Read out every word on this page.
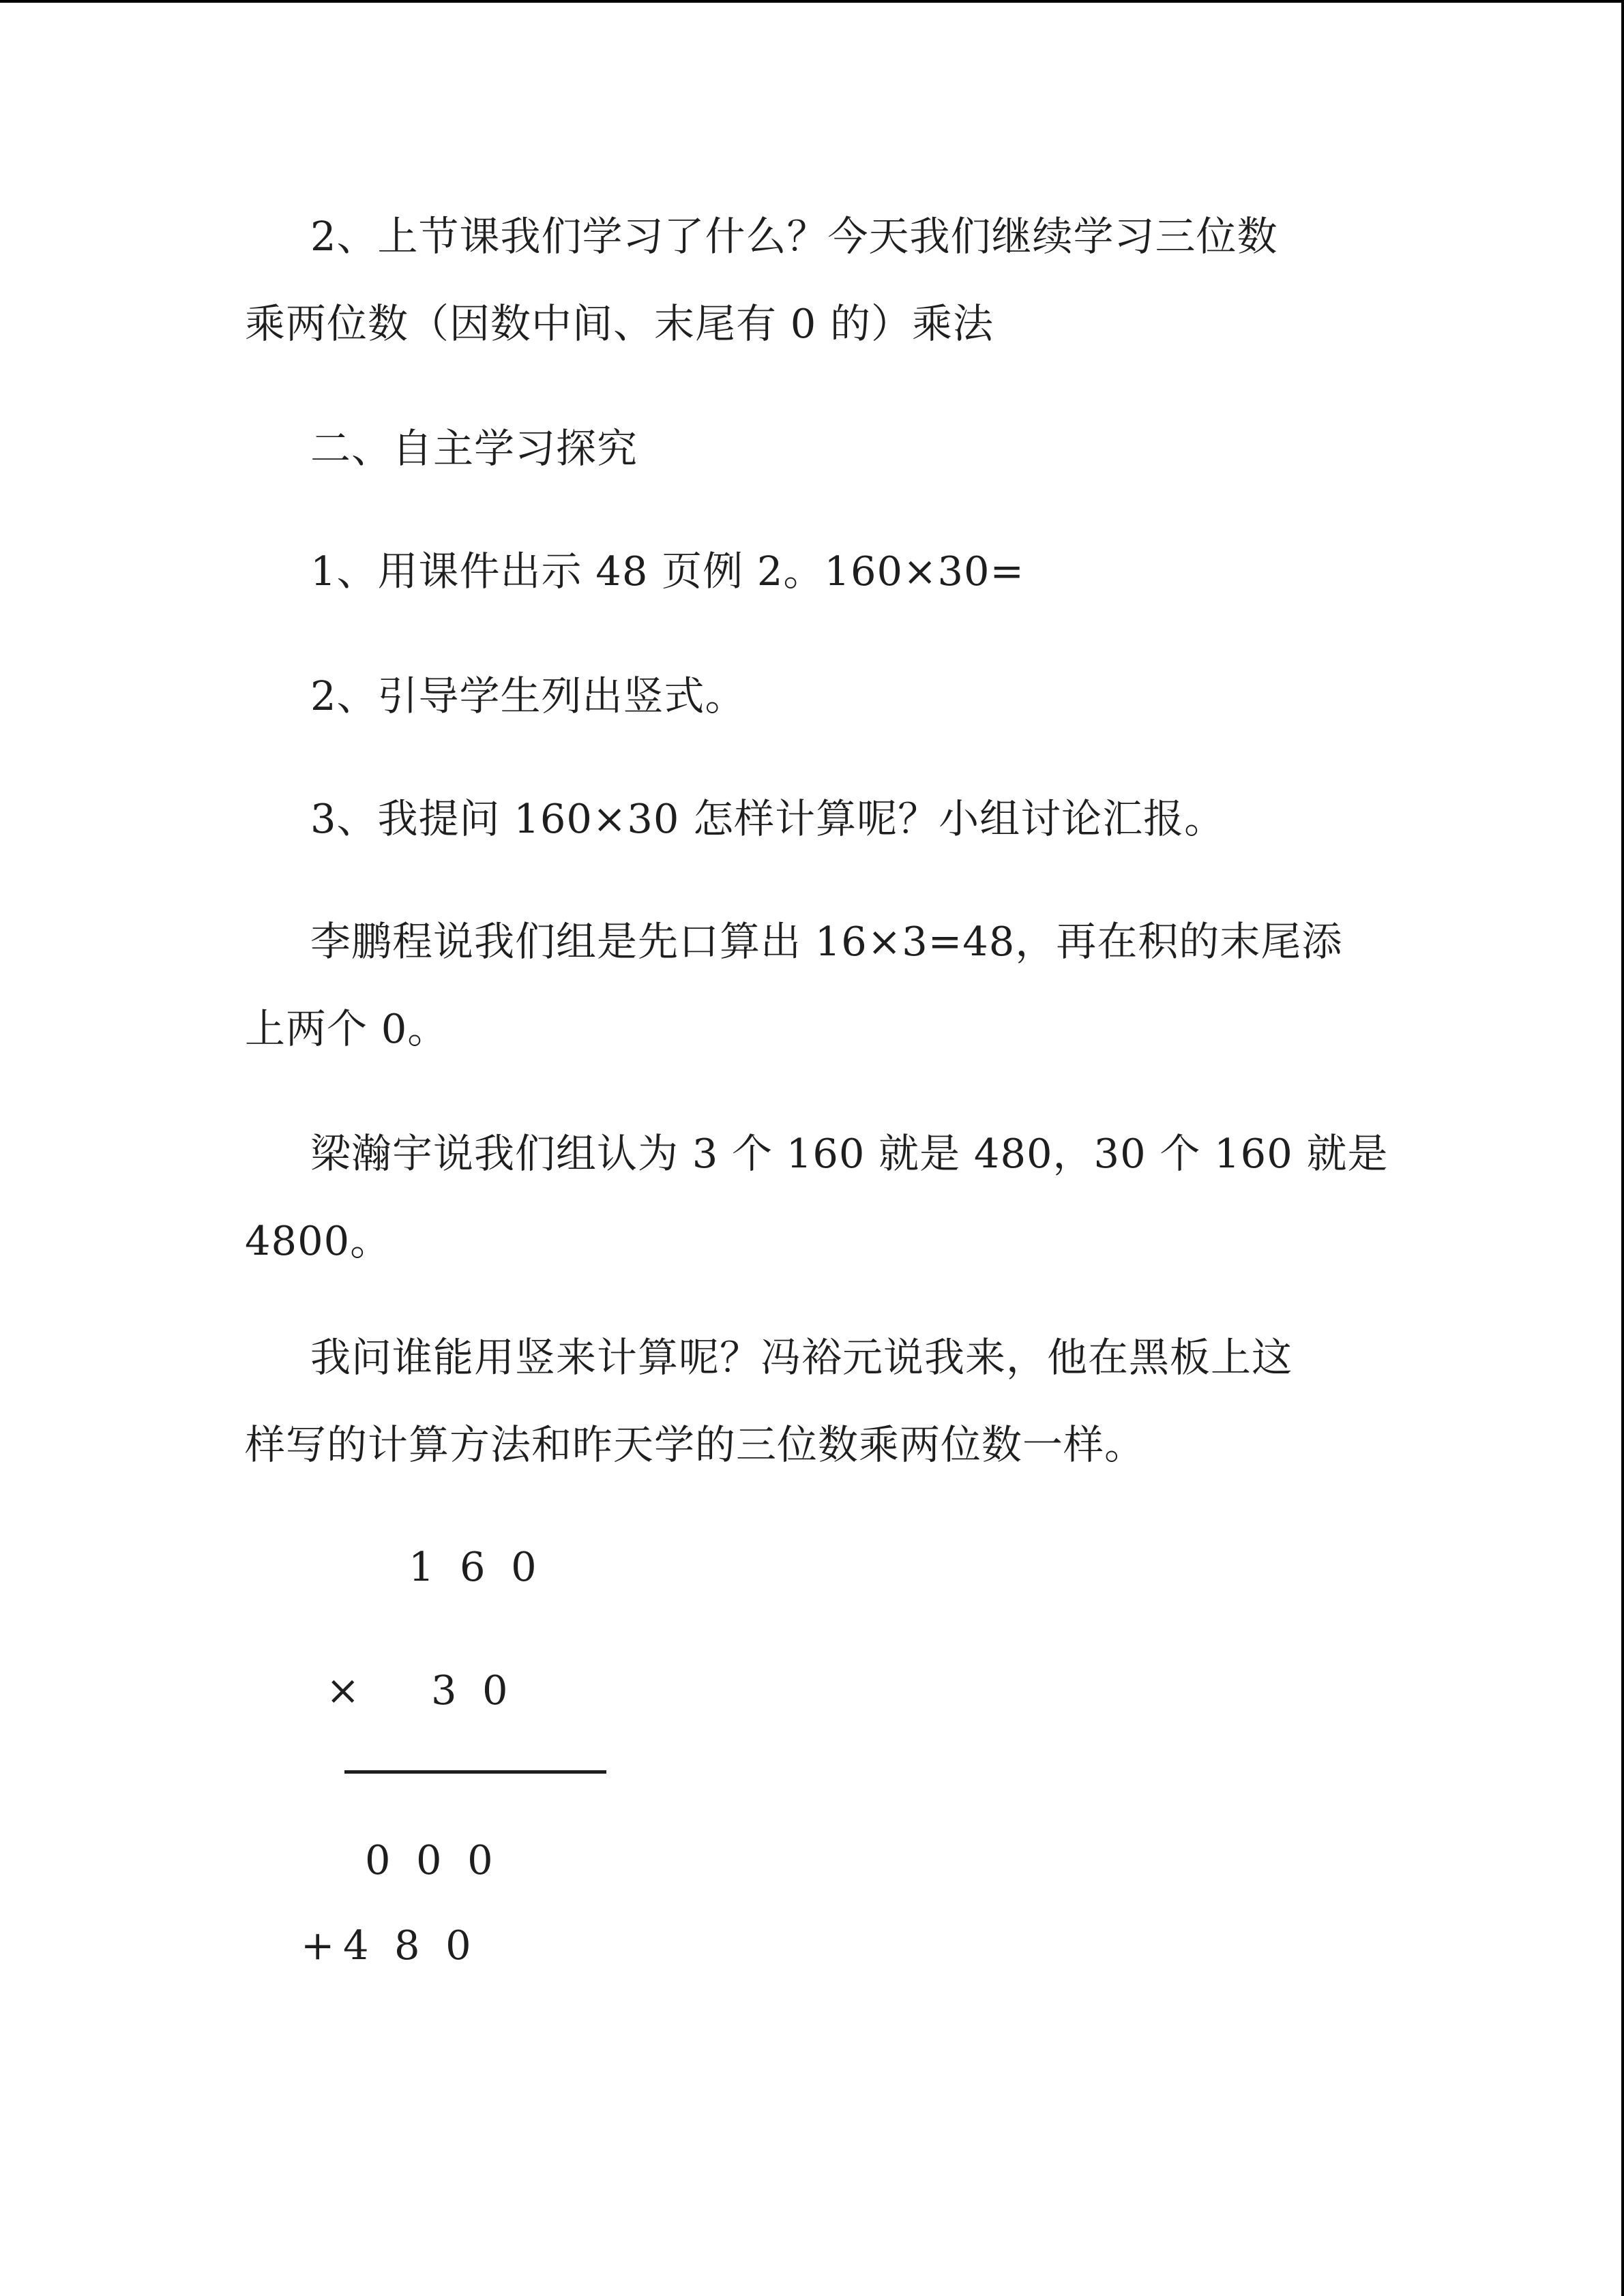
2、上节课我们学习了什么？今天我们继续学习三位数
乘两位数（因数中间、末尾有 0 的）乘法
二、自主学习探究
1、用课件出示 48 页例 2。160×30=
2、引导学生列出竖式。
3、我提问 160×30 怎样计算呢？小组讨论汇报。
李鹏程说我们组是先口算出 16×3=48，再在积的末尾添
上两个 0。
梁瀚宇说我们组认为 3 个 160 就是 480，30 个 160 就是
4800。
我问谁能用竖来计算呢？冯裕元说我来，他在黑板上这
样写的计算方法和昨天学的三位数乘两位数一样。
1  6  0
× 3  0
0  0  0
+ 4  8  0
